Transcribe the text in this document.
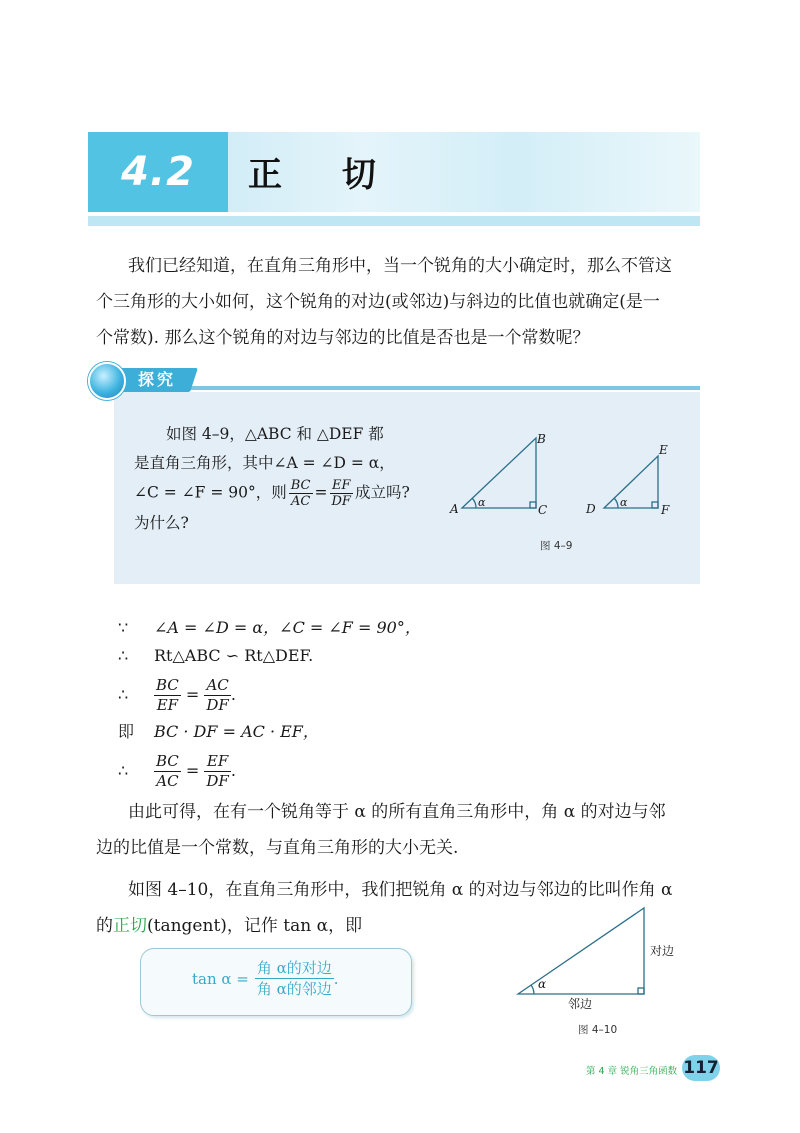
4.2	正 切

我们已经知道，在直角三角形中，当一个锐角的大小确定时，那么不管这

个三角形的大小如何，这个锐角的对边(或邻边)与斜边的比值也就确定(是一

个常数). 那么这个锐角的对边与邻边的比值是否也是一个常数呢？

探究

如图 4–9，△ABC 和 △DEF 都

是直角三角形，其中∠A = ∠D = α，

∠C = ∠F = 90°，则 $\frac{BC}{AC} = \frac{EF}{DF}$ 成立吗?

为什么?

A
B
C
α	D
E
F
α
图 4–9
∵ ∠A = ∠D = α，∠C = ∠F = 90°，
∴ Rt△ABC ∽ Rt△DEF.
∴ $\frac{BC}{EF} = \frac{AC}{DF}$ .
即 BC · DF = AC · EF，
∴ $\frac{BC}{AC} = \frac{EF}{DF}$ .

由此可得，在有一个锐角等于 α 的所有直角三角形中，角 α 的对边与邻

边的比值是一个常数，与直角三角形的大小无关.

如图 4–10，在直角三角形中，我们把锐角 α 的对边与邻边的比叫作角 α

的正切(tangent)，记作 tan α，即

$\tan \alpha = \frac{\text{角 α的对边}}{\text{角 α的邻边}}$ .	α
对边
邻边
图 4–10
第 4 章 锐角三角函数 117
